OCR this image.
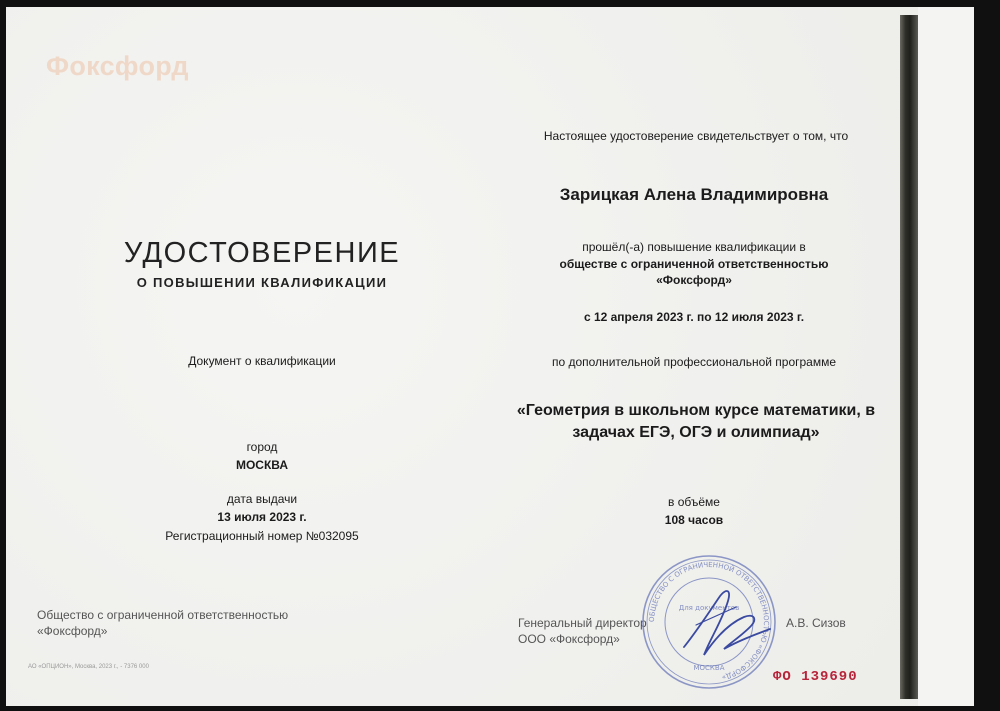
Фоксфорд
УДОСТОВЕРЕНИЕ
О ПОВЫШЕНИИ КВАЛИФИКАЦИИ
Документ о квалификации
город
МОСКВА
дата выдачи
13 июля 2023 г.
Регистрационный номер №032095
Общество с ограниченной ответственностью
«Фоксфорд»
АО «ОПЦИОН», Москва, 2023 г., - 7376 000
Настоящее удостоверение свидетельствует о том, что
Зарицкая Алена Владимировна
прошёл(-а) повышение квалификации в
обществе с ограниченной ответственностью
«Фоксфорд»
с 12 апреля 2023 г. по 12 июля 2023 г.
по дополнительной профессиональной программе
«Геометрия в школьном курсе математики, в задачах ЕГЭ, ОГЭ и олимпиад»
в объёме
108 часов
Генеральный директор
ООО «Фоксфорд»
А.В. Сизов
ОБЩЕСТВО С ОГРАНИЧЕННОЙ ОТВЕТСТВЕННОСТЬЮ «ФОКСФОРД»
Для документов
МОСКВА
ФО 139690
